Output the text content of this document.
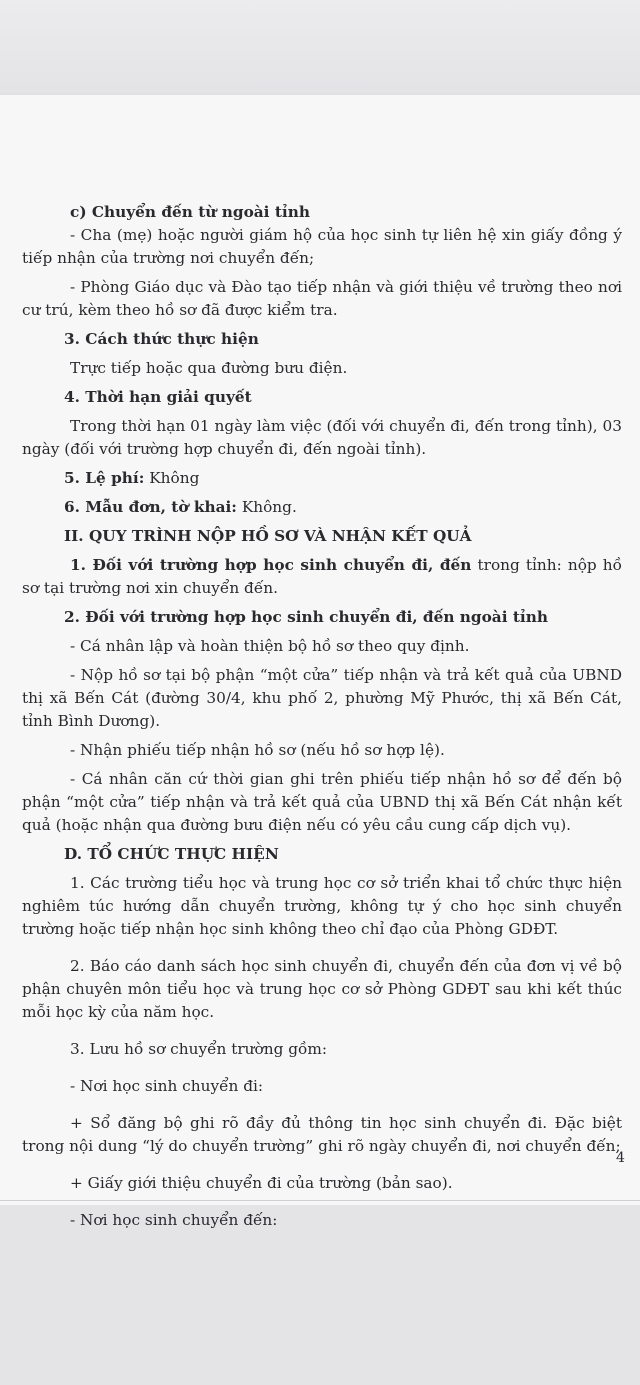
c) Chuyển đến từ ngoài tỉnh

- Cha (mẹ) hoặc người giám hộ của học sinh tự liên hệ xin giấy đồng ý tiếp nhận của trường nơi chuyển đến;

- Phòng Giáo dục và Đào tạo tiếp nhận và giới thiệu về trường theo nơi cư trú, kèm theo hồ sơ đã được kiểm tra.

3. Cách thức thực hiện

Trực tiếp hoặc qua đường bưu điện.

4. Thời hạn giải quyết

Trong thời hạn 01 ngày làm việc (đối với chuyển đi, đến trong tỉnh), 03 ngày (đối với trường hợp chuyển đi, đến ngoài tỉnh).

5. Lệ phí: Không

6. Mẫu đơn, tờ khai: Không.

II. QUY TRÌNH NỘP HỒ SƠ VÀ NHẬN KẾT QUẢ

1. Đối với trường hợp học sinh chuyển đi, đến trong tỉnh: nộp hồ sơ tại trường nơi xin chuyển đến.

2. Đối với trường hợp học sinh chuyển đi, đến ngoài tỉnh

- Cá nhân lập và hoàn thiện bộ hồ sơ theo quy định.

- Nộp hồ sơ tại bộ phận “một cửa” tiếp nhận và trả kết quả của UBND thị xã Bến Cát (đường 30/4, khu phố 2, phường Mỹ Phước, thị xã Bến Cát, tỉnh Bình Dương).

- Nhận phiếu tiếp nhận hồ sơ (nếu hồ sơ hợp lệ).

- Cá nhân căn cứ thời gian ghi trên phiếu tiếp nhận hồ sơ để đến bộ phận “một cửa” tiếp nhận và trả kết quả của UBND thị xã Bến Cát nhận kết quả (hoặc nhận qua đường bưu điện nếu có yêu cầu cung cấp dịch vụ).

D. TỔ CHỨC THỰC HIỆN

1. Các trường tiểu học và trung học cơ sở triển khai tổ chức thực hiện nghiêm túc hướng dẫn chuyển trường, không tự ý cho học sinh chuyển trường hoặc tiếp nhận học sinh không theo chỉ đạo của Phòng GDĐT.

2. Báo cáo danh sách học sinh chuyển đi, chuyển đến của đơn vị về bộ phận chuyên môn tiểu học và trung học cơ sở Phòng GDĐT sau khi kết thúc mỗi học kỳ của năm học.

3. Lưu hồ sơ chuyển trường gồm:

- Nơi học sinh chuyển đi:

+ Sổ đăng bộ ghi rõ đầy đủ thông tin học sinh chuyển đi. Đặc biệt trong nội dung “lý do chuyển trường” ghi rõ ngày chuyển đi, nơi chuyển đến;

+ Giấy giới thiệu chuyển đi của trường (bản sao).

- Nơi học sinh chuyển đến:

4
